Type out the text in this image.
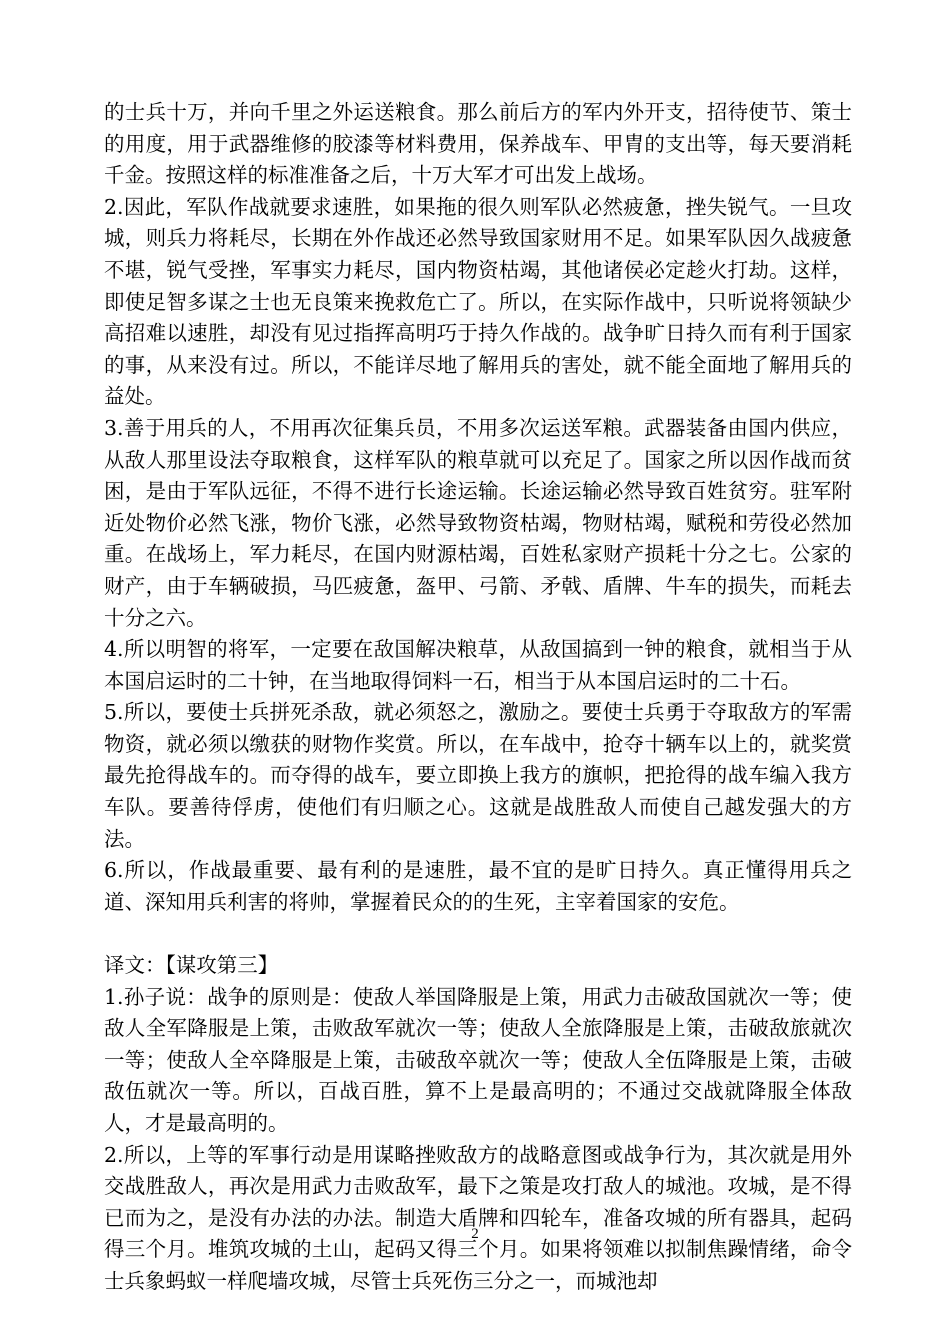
的士兵十万，并向千里之外运送粮食。那么前后方的军内外开支，招待使节、策士的用度，用于武器维修的胶漆等材料费用，保养战车、甲胄的支出等，每天要消耗千金。按照这样的标准准备之后，十万大军才可出发上战场。

2.因此，军队作战就要求速胜，如果拖的很久则军队必然疲惫，挫失锐气。一旦攻城，则兵力将耗尽，长期在外作战还必然导致国家财用不足。如果军队因久战疲惫不堪，锐气受挫，军事实力耗尽，国内物资枯竭，其他诸侯必定趁火打劫。这样，即使足智多谋之士也无良策来挽救危亡了。所以，在实际作战中，只听说将领缺少高招难以速胜，却没有见过指挥高明巧于持久作战的。战争旷日持久而有利于国家的事，从来没有过。所以，不能详尽地了解用兵的害处，就不能全面地了解用兵的益处。

3.善于用兵的人，不用再次征集兵员，不用多次运送军粮。武器装备由国内供应，从敌人那里设法夺取粮食，这样军队的粮草就可以充足了。国家之所以因作战而贫困，是由于军队远征，不得不进行长途运输。长途运输必然导致百姓贫穷。驻军附近处物价必然飞涨，物价飞涨，必然导致物资枯竭，物财枯竭，赋税和劳役必然加重。在战场上，军力耗尽，在国内财源枯竭，百姓私家财产损耗十分之七。公家的财产，由于车辆破损，马匹疲惫，盔甲、弓箭、矛戟、盾牌、牛车的损失，而耗去十分之六。

4.所以明智的将军，一定要在敌国解决粮草，从敌国搞到一钟的粮食，就相当于从本国启运时的二十钟，在当地取得饲料一石，相当于从本国启运时的二十石。

5.所以，要使士兵拼死杀敌，就必须怒之，激励之。要使士兵勇于夺取敌方的军需物资，就必须以缴获的财物作奖赏。所以，在车战中，抢夺十辆车以上的，就奖赏最先抢得战车的。而夺得的战车，要立即换上我方的旗帜，把抢得的战车编入我方车队。要善待俘虏，使他们有归顺之心。这就是战胜敌人而使自己越发强大的方法。

6.所以，作战最重要、最有利的是速胜，最不宜的是旷日持久。真正懂得用兵之道、深知用兵利害的将帅，掌握着民众的的生死，主宰着国家的安危。

译文：【谋攻第三】

1.孙子说：战争的原则是：使敌人举国降服是上策，用武力击破敌国就次一等；使敌人全军降服是上策，击败敌军就次一等；使敌人全旅降服是上策，击破敌旅就次一等；使敌人全卒降服是上策，击破敌卒就次一等；使敌人全伍降服是上策，击破敌伍就次一等。所以，百战百胜，算不上是最高明的；不通过交战就降服全体敌人，才是最高明的。

2.所以，上等的军事行动是用谋略挫败敌方的战略意图或战争行为，其次就是用外交战胜敌人，再次是用武力击败敌军，最下之策是攻打敌人的城池。攻城，是不得已而为之，是没有办法的办法。制造大盾牌和四轮车，准备攻城的所有器具，起码得三个月。堆筑攻城的土山，起码又得三个月。如果将领难以拟制焦躁情绪，命令士兵象蚂蚁一样爬墙攻城，尽管士兵死伤三分之一，而城池却

2
